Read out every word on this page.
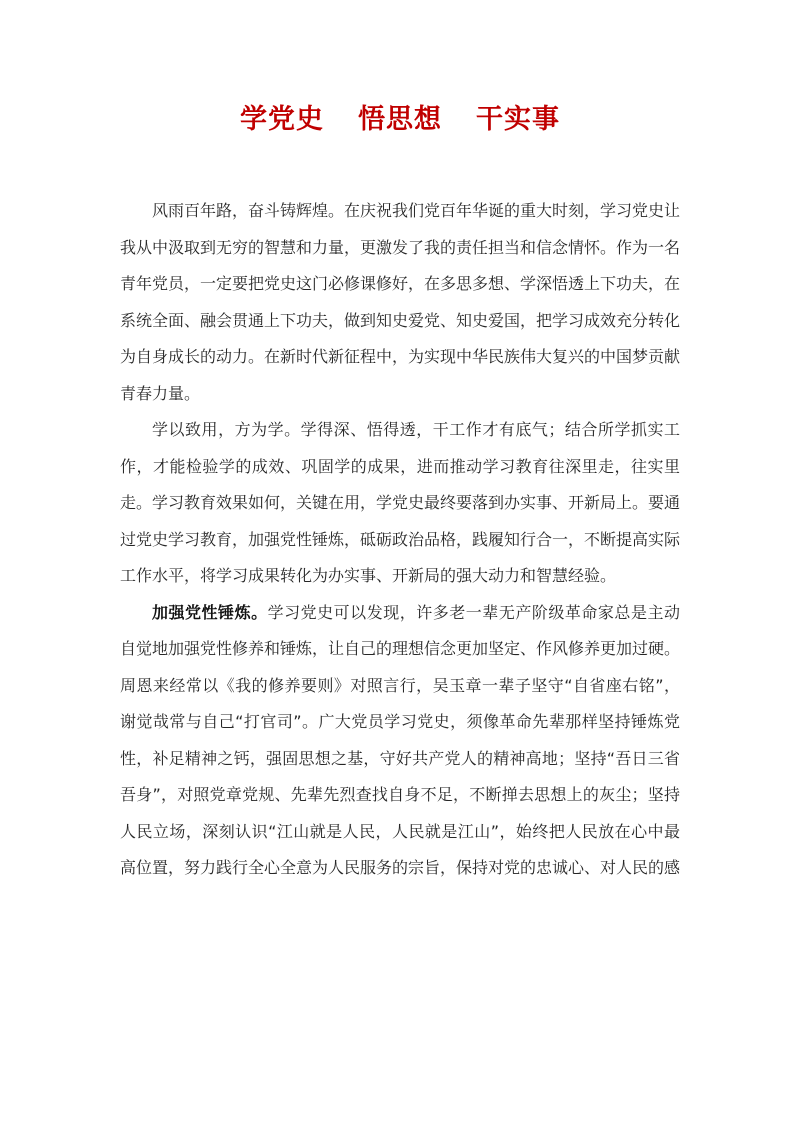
学党史 悟思想 干实事

风雨百年路，奋斗铸辉煌。在庆祝我们党百年华诞的重大时刻，学习党史让我从中汲取到无穷的智慧和力量，更激发了我的责任担当和信念情怀。作为一名青年党员，一定要把党史这门必修课修好，在多思多想、学深悟透上下功夫，在系统全面、融会贯通上下功夫，做到知史爱党、知史爱国，把学习成效充分转化为自身成长的动力。在新时代新征程中，为实现中华民族伟大复兴的中国梦贡献青春力量。

学以致用，方为学。学得深、悟得透，干工作才有底气；结合所学抓实工作，才能检验学的成效、巩固学的成果，进而推动学习教育往深里走，往实里走。学习教育效果如何，关键在用，学党史最终要落到办实事、开新局上。要通过党史学习教育，加强党性锤炼，砥砺政治品格，践履知行合一，不断提高实际工作水平，将学习成果转化为办实事、开新局的强大动力和智慧经验。

加强党性锤炼。学习党史可以发现，许多老一辈无产阶级革命家总是主动自觉地加强党性修养和锤炼，让自己的理想信念更加坚定、作风修养更加过硬。周恩来经常以《我的修养要则》对照言行，吴玉章一辈子坚守“自省座右铭”，谢觉哉常与自己“打官司”。广大党员学习党史，须像革命先辈那样坚持锤炼党性，补足精神之钙，强固思想之基，守好共产党人的精神高地；坚持“吾日三省吾身”，对照党章党规、先辈先烈查找自身不足，不断掸去思想上的灰尘；坚持人民立场，深刻认识“江山就是人民，人民就是江山”，始终把人民放在心中最高位置，努力践行全心全意为人民服务的宗旨，保持对党的忠诚心、对人民的感
